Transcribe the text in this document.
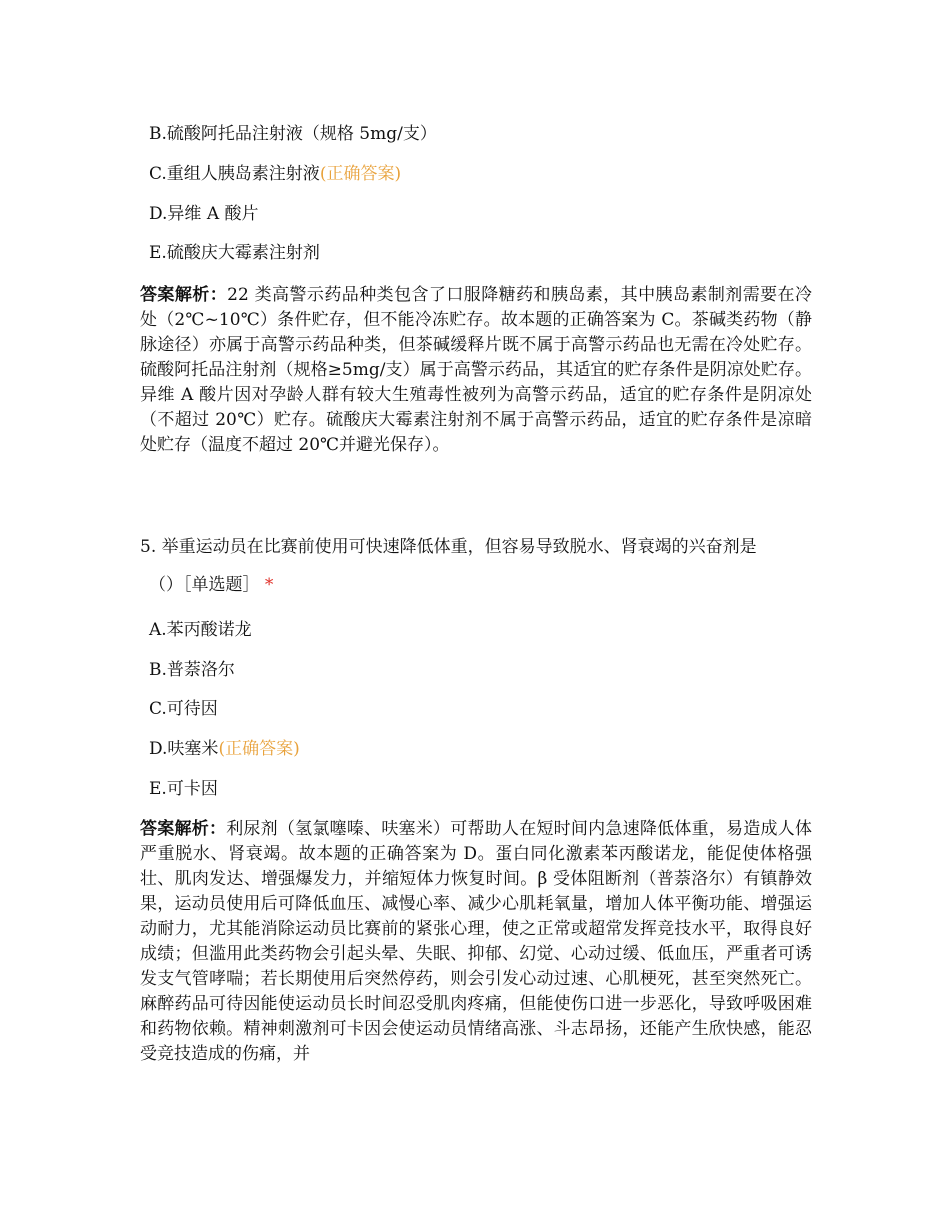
B.硫酸阿托品注射液（规格 5mg/支）
C.重组人胰岛素注射液(正确答案)
D.异维 A 酸片
E.硫酸庆大霉素注射剂
答案解析：22 类高警示药品种类包含了口服降糖药和胰岛素，其中胰岛素制剂需要在冷处（2℃~10℃）条件贮存，但不能冷冻贮存。故本题的正确答案为 C。茶碱类药物（静脉途径）亦属于高警示药品种类，但茶碱缓释片既不属于高警示药品也无需在冷处贮存。硫酸阿托品注射剂（规格≥5mg/支）属于高警示药品，其适宜的贮存条件是阴凉处贮存。异维 A 酸片因对孕龄人群有较大生殖毒性被列为高警示药品，适宜的贮存条件是阴凉处（不超过 20℃）贮存。硫酸庆大霉素注射剂不属于高警示药品，适宜的贮存条件是凉暗处贮存（温度不超过 20℃并避光保存）。
5. 举重运动员在比赛前使用可快速降低体重，但容易导致脱水、肾衰竭的兴奋剂是
（）［单选题］ *
A.苯丙酸诺龙
B.普萘洛尔
C.可待因
D.呋塞米(正确答案)
E.可卡因
答案解析：利尿剂（氢氯噻嗪、呋塞米）可帮助人在短时间内急速降低体重，易造成人体严重脱水、肾衰竭。故本题的正确答案为 D。蛋白同化激素苯丙酸诺龙，能促使体格强壮、肌肉发达、增强爆发力，并缩短体力恢复时间。β 受体阻断剂（普萘洛尔）有镇静效果，运动员使用后可降低血压、减慢心率、减少心肌耗氧量，增加人体平衡功能、增强运动耐力，尤其能消除运动员比赛前的紧张心理，使之正常或超常发挥竞技水平，取得良好成绩；但滥用此类药物会引起头晕、失眠、抑郁、幻觉、心动过缓、低血压，严重者可诱发支气管哮喘；若长期使用后突然停药，则会引发心动过速、心肌梗死，甚至突然死亡。麻醉药品可待因能使运动员长时间忍受肌肉疼痛，但能使伤口进一步恶化，导致呼吸困难和药物依赖。精神刺激剂可卡因会使运动员情绪高涨、斗志昂扬，还能产生欣快感，能忍受竞技造成的伤痛，并
